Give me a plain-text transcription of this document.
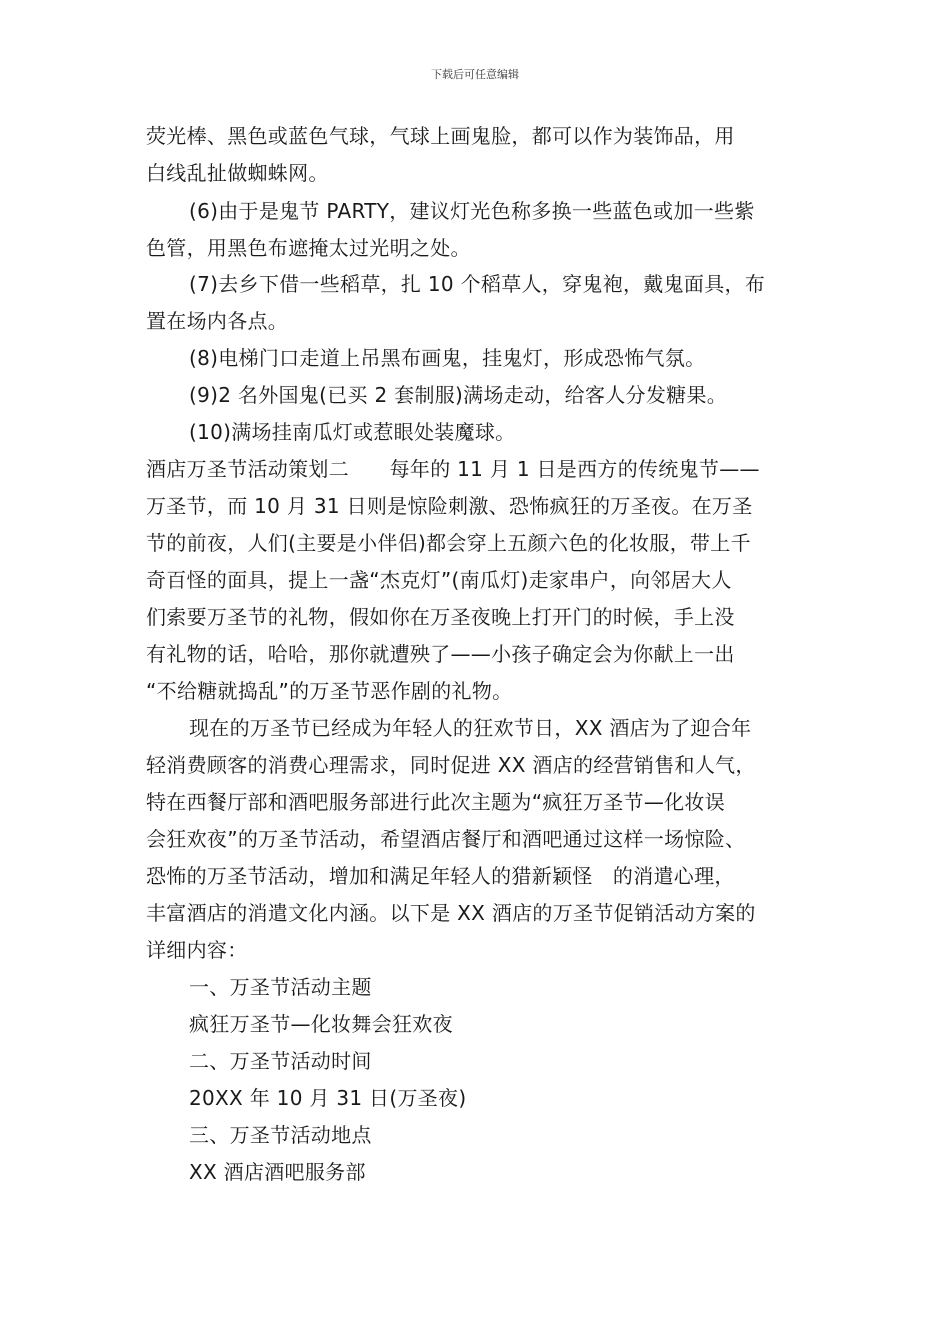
下载后可任意编辑
荧光棒、黑色或蓝色气球，气球上画鬼脸，都可以作为装饰品，用
白线乱扯做蜘蛛网。
(6)由于是鬼节 PARTY，建议灯光色称多换一些蓝色或加一些紫
色管，用黑色布遮掩太过光明之处。
(7)去乡下借一些稻草，扎 10 个稻草人，穿鬼袍，戴鬼面具，布
置在场内各点。
(8)电梯门口走道上吊黑布画鬼，挂鬼灯，形成恐怖气氛。
(9)2 名外国鬼(已买 2 套制服)满场走动，给客人分发糖果。
(10)满场挂南瓜灯或惹眼处装魔球。
酒店万圣节活动策划二　　每年的 11 月 1 日是西方的传统鬼节——
万圣节，而 10 月 31 日则是惊险刺激、恐怖疯狂的万圣夜。在万圣
节的前夜，人们(主要是小伴侣)都会穿上五颜六色的化妆服，带上千
奇百怪的面具，提上一盏“杰克灯”(南瓜灯)走家串户，向邻居大人
们索要万圣节的礼物，假如你在万圣夜晚上打开门的时候，手上没
有礼物的话，哈哈，那你就遭殃了——小孩子确定会为你献上一出
“不给糖就捣乱”的万圣节恶作剧的礼物。
现在的万圣节已经成为年轻人的狂欢节日，XX 酒店为了迎合年
轻消费顾客的消费心理需求，同时促进 XX 酒店的经营销售和人气，
特在西餐厅部和酒吧服务部进行此次主题为“疯狂万圣节—化妆误
会狂欢夜”的万圣节活动，希望酒店餐厅和酒吧通过这样一场惊险、
恐怖的万圣节活动，增加和满足年轻人的猎新颖怪　的消遣心理，
丰富酒店的消遣文化内涵。以下是 XX 酒店的万圣节促销活动方案的
详细内容：
一、万圣节活动主题
疯狂万圣节—化妆舞会狂欢夜
二、万圣节活动时间
20XX 年 10 月 31 日(万圣夜)
三、万圣节活动地点
XX 酒店酒吧服务部
